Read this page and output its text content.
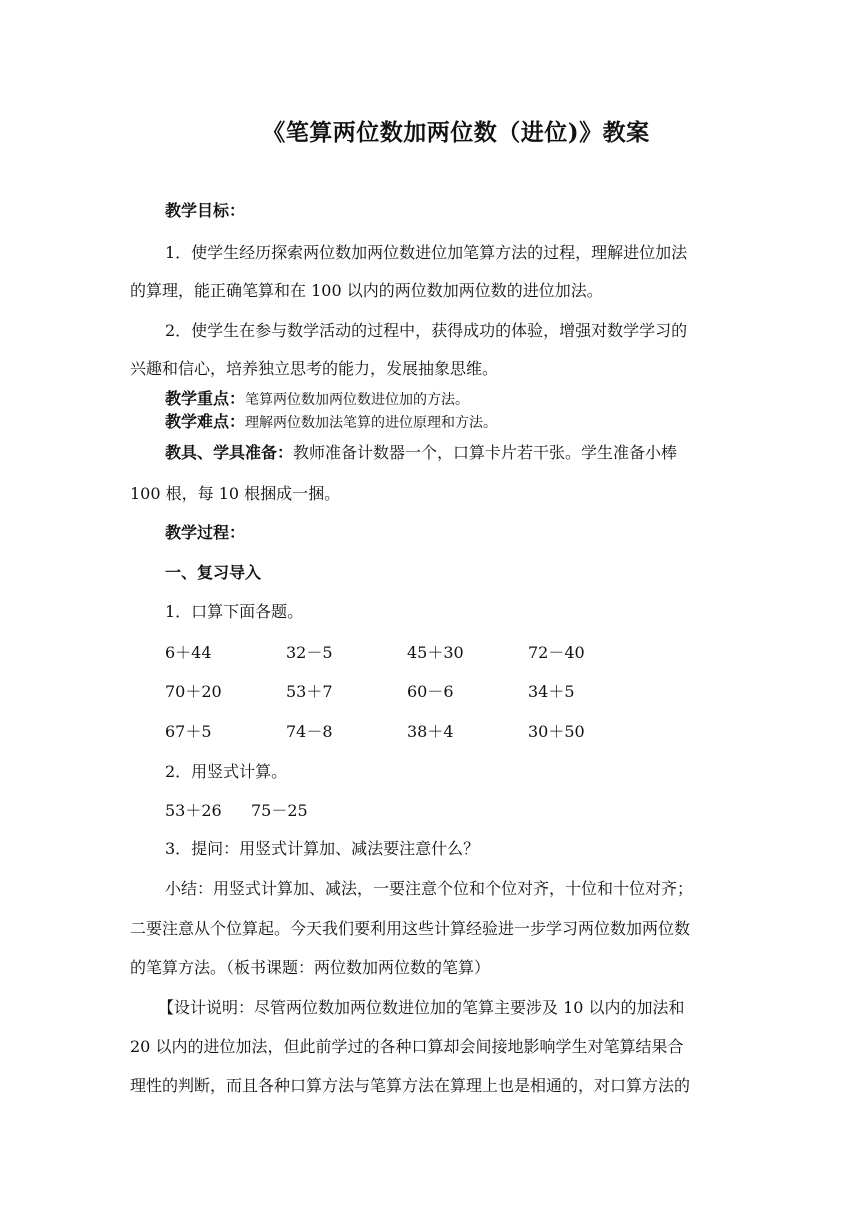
《笔算两位数加两位数（进位)》教案
教学目标：
1．使学生经历探索两位数加两位数进位加笔算方法的过程，理解进位加法
的算理，能正确笔算和在 100 以内的两位数加两位数的进位加法。
2．使学生在参与数学活动的过程中，获得成功的体验，增强对数学学习的
兴趣和信心，培养独立思考的能力，发展抽象思维。
教学重点：笔算两位数加两位数进位加的方法。
教学难点：理解两位数加法笔算的进位原理和方法。
教具、学具准备：教师准备计数器一个，口算卡片若干张。学生准备小棒
100 根，每 10 根捆成一捆。
教学过程：
一、复习导入
1．口算下面各题。
6＋44	32－5	45＋30	72－40
70＋20	53＋7	60－6	34＋5
67＋5	74－8	38＋4	30＋50
2．用竖式计算。
53＋26 75－25
3．提问：用竖式计算加、减法要注意什么？
小结：用竖式计算加、减法，一要注意个位和个位对齐，十位和十位对齐；
二要注意从个位算起。今天我们要利用这些计算经验进一步学习两位数加两位数
的笔算方法。（板书课题：两位数加两位数的笔算）
【设计说明：尽管两位数加两位数进位加的笔算主要涉及 10 以内的加法和
20 以内的进位加法，但此前学过的各种口算却会间接地影响学生对笔算结果合
理性的判断，而且各种口算方法与笔算方法在算理上也是相通的，对口算方法的
